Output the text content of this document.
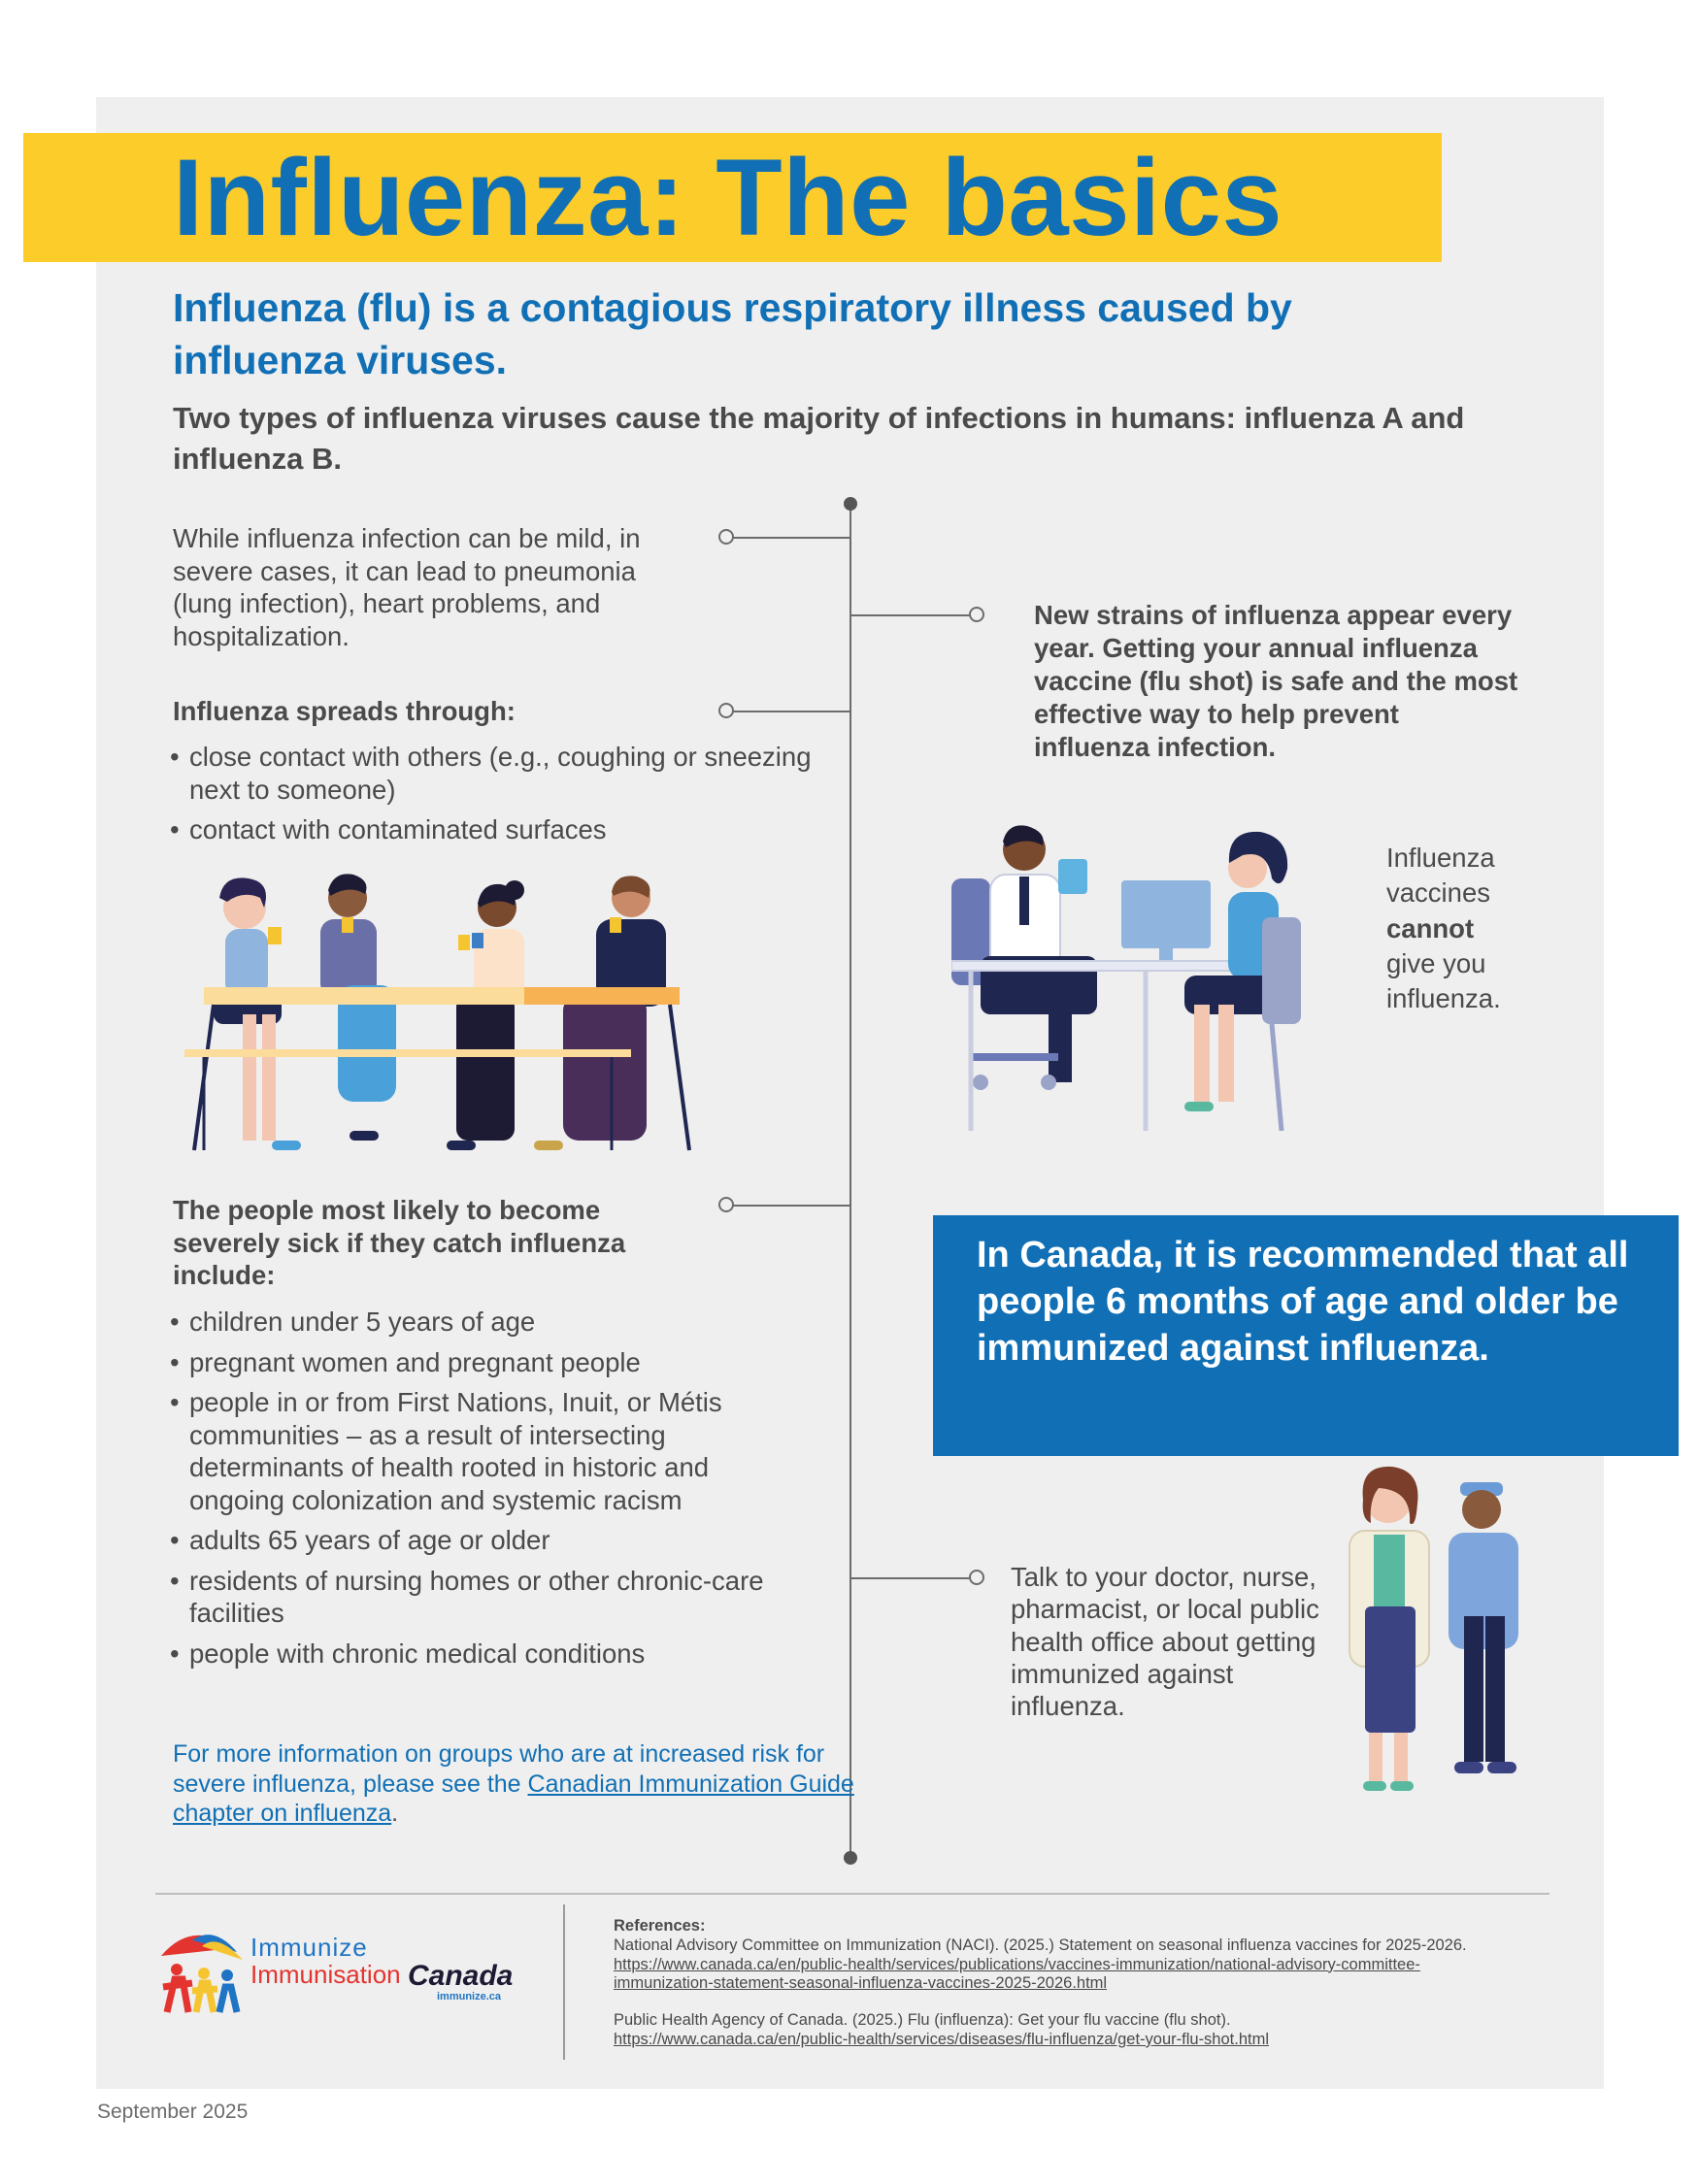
Influenza: The basics
Influenza (flu) is a contagious respiratory illness caused by influenza viruses.
Two types of influenza viruses cause the majority of infections in humans: influenza A and influenza B.
While influenza infection can be mild, in severe cases, it can lead to pneumonia (lung infection), heart problems, and hospitalization.
Influenza spreads through:
• close contact with others (e.g., coughing or sneezing next to someone)
• contact with contaminated surfaces
New strains of influenza appear every year. Getting your annual influenza vaccine (flu shot) is safe and the most effective way to help prevent influenza infection.
Influenza
vaccines
cannot
give you
influenza.
The people most likely to become severely sick if they catch influenza include:
• children under 5 years of age
• pregnant women and pregnant people
• people in or from First Nations, Inuit, or Métis communities – as a result of intersecting determinants of health rooted in historic and ongoing colonization and systemic racism
• adults 65 years of age or older
• residents of nursing homes or other chronic-care facilities
• people with chronic medical conditions
In Canada, it is recommended that all people 6 months of age and older be immunized against influenza.
Talk to your doctor, nurse, pharmacist, or local public health office about getting immunized against influenza.
For more information on groups who are at increased risk for severe influenza, please see the Canadian Immunization Guide chapter on influenza.
Immunize
Immunisation Canada
immunize.ca
References:
National Advisory Committee on Immunization (NACI). (2025.) Statement on seasonal influenza vaccines for 2025-2026.
https://www.canada.ca/en/public-health/services/publications/vaccines-immunization/national-advisory-committee-
immunization-statement-seasonal-influenza-vaccines-2025-2026.html
Public Health Agency of Canada. (2025.) Flu (influenza): Get your flu vaccine (flu shot).
https://www.canada.ca/en/public-health/services/diseases/flu-influenza/get-your-flu-shot.html
September 2025
